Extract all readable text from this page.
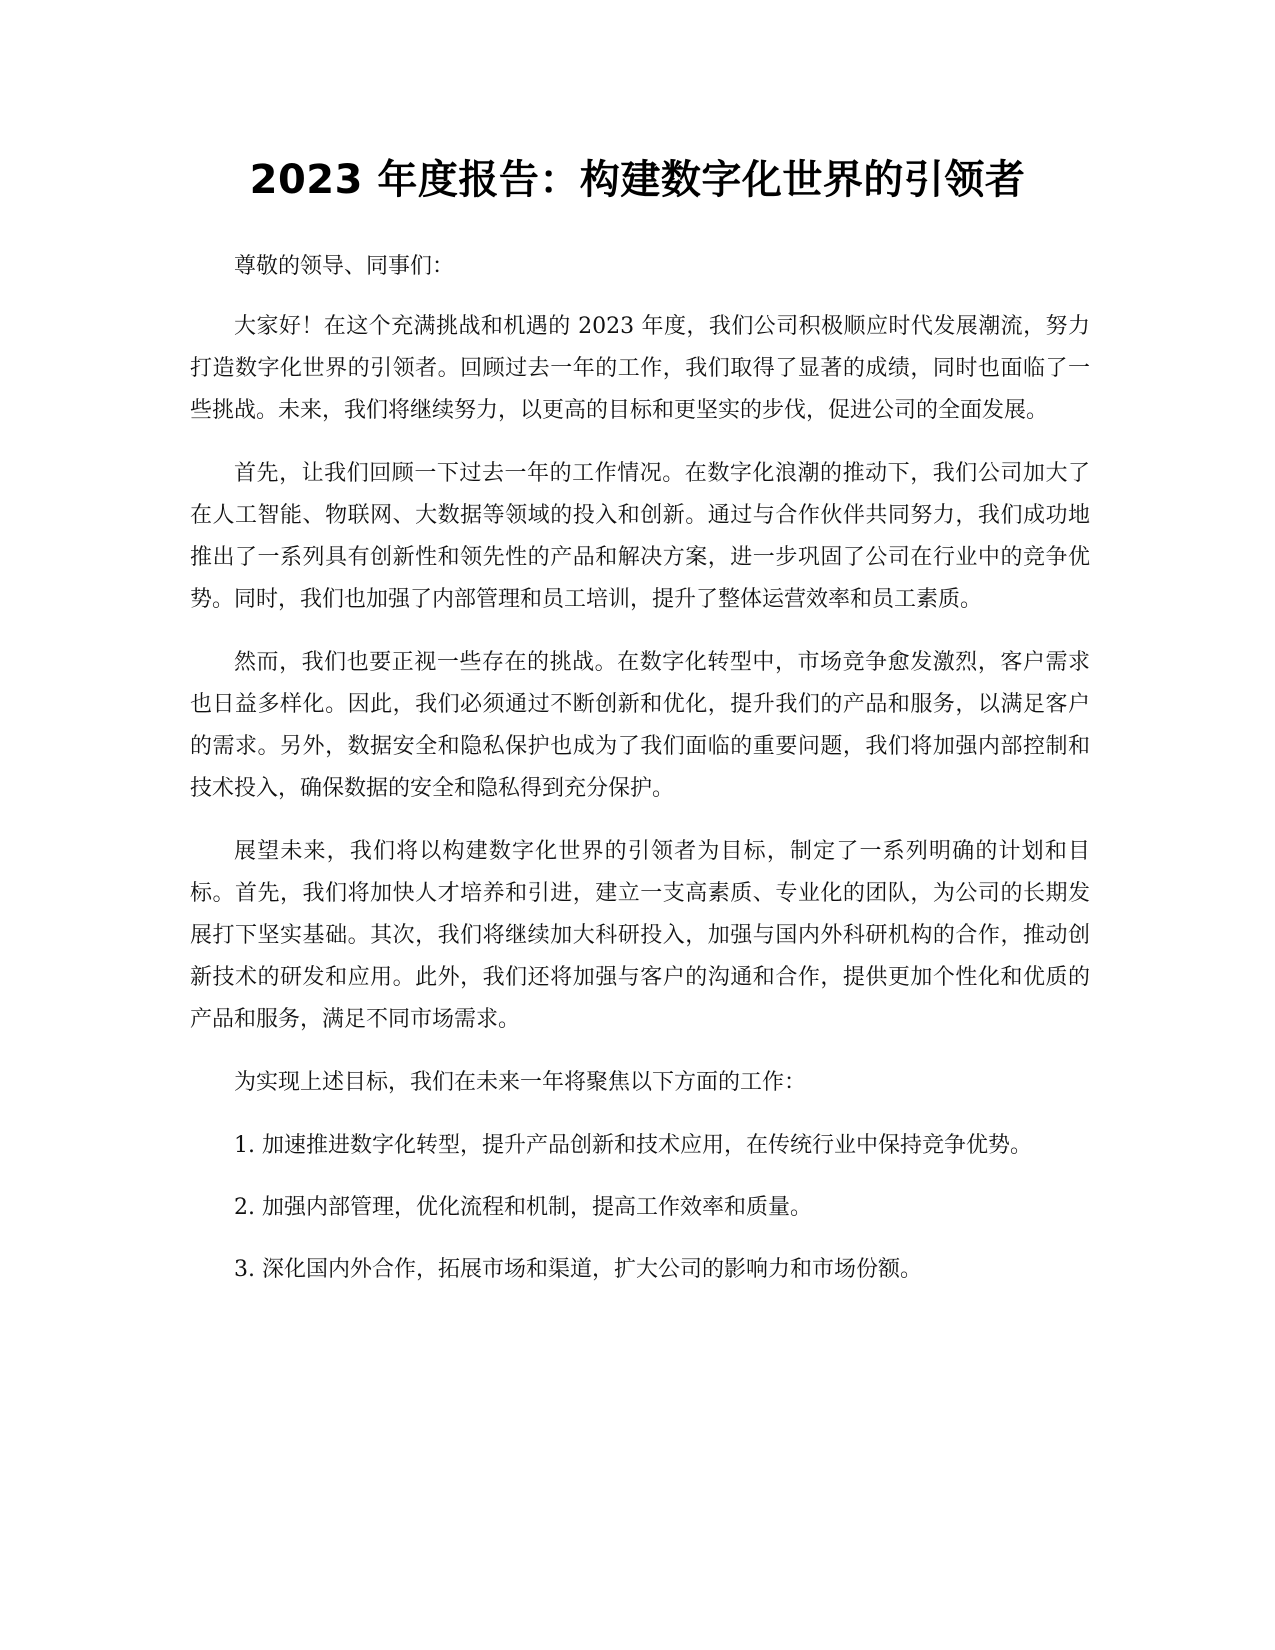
2023 年度报告：构建数字化世界的引领者

尊敬的领导、同事们：

大家好！在这个充满挑战和机遇的 2023 年度，我们公司积极顺应时代发展潮流，努力打造数字化世界的引领者。回顾过去一年的工作，我们取得了显著的成绩，同时也面临了一些挑战。未来，我们将继续努力，以更高的目标和更坚实的步伐，促进公司的全面发展。

首先，让我们回顾一下过去一年的工作情况。在数字化浪潮的推动下，我们公司加大了在人工智能、物联网、大数据等领域的投入和创新。通过与合作伙伴共同努力，我们成功地推出了一系列具有创新性和领先性的产品和解决方案，进一步巩固了公司在行业中的竞争优势。同时，我们也加强了内部管理和员工培训，提升了整体运营效率和员工素质。

然而，我们也要正视一些存在的挑战。在数字化转型中，市场竞争愈发激烈，客户需求也日益多样化。因此，我们必须通过不断创新和优化，提升我们的产品和服务，以满足客户的需求。另外，数据安全和隐私保护也成为了我们面临的重要问题，我们将加强内部控制和技术投入，确保数据的安全和隐私得到充分保护。

展望未来，我们将以构建数字化世界的引领者为目标，制定了一系列明确的计划和目标。首先，我们将加快人才培养和引进，建立一支高素质、专业化的团队，为公司的长期发展打下坚实基础。其次，我们将继续加大科研投入，加强与国内外科研机构的合作，推动创新技术的研发和应用。此外，我们还将加强与客户的沟通和合作，提供更加个性化和优质的产品和服务，满足不同市场需求。

为实现上述目标，我们在未来一年将聚焦以下方面的工作：

1. 加速推进数字化转型，提升产品创新和技术应用，在传统行业中保持竞争优势。

2. 加强内部管理，优化流程和机制，提高工作效率和质量。

3. 深化国内外合作，拓展市场和渠道，扩大公司的影响力和市场份额。
